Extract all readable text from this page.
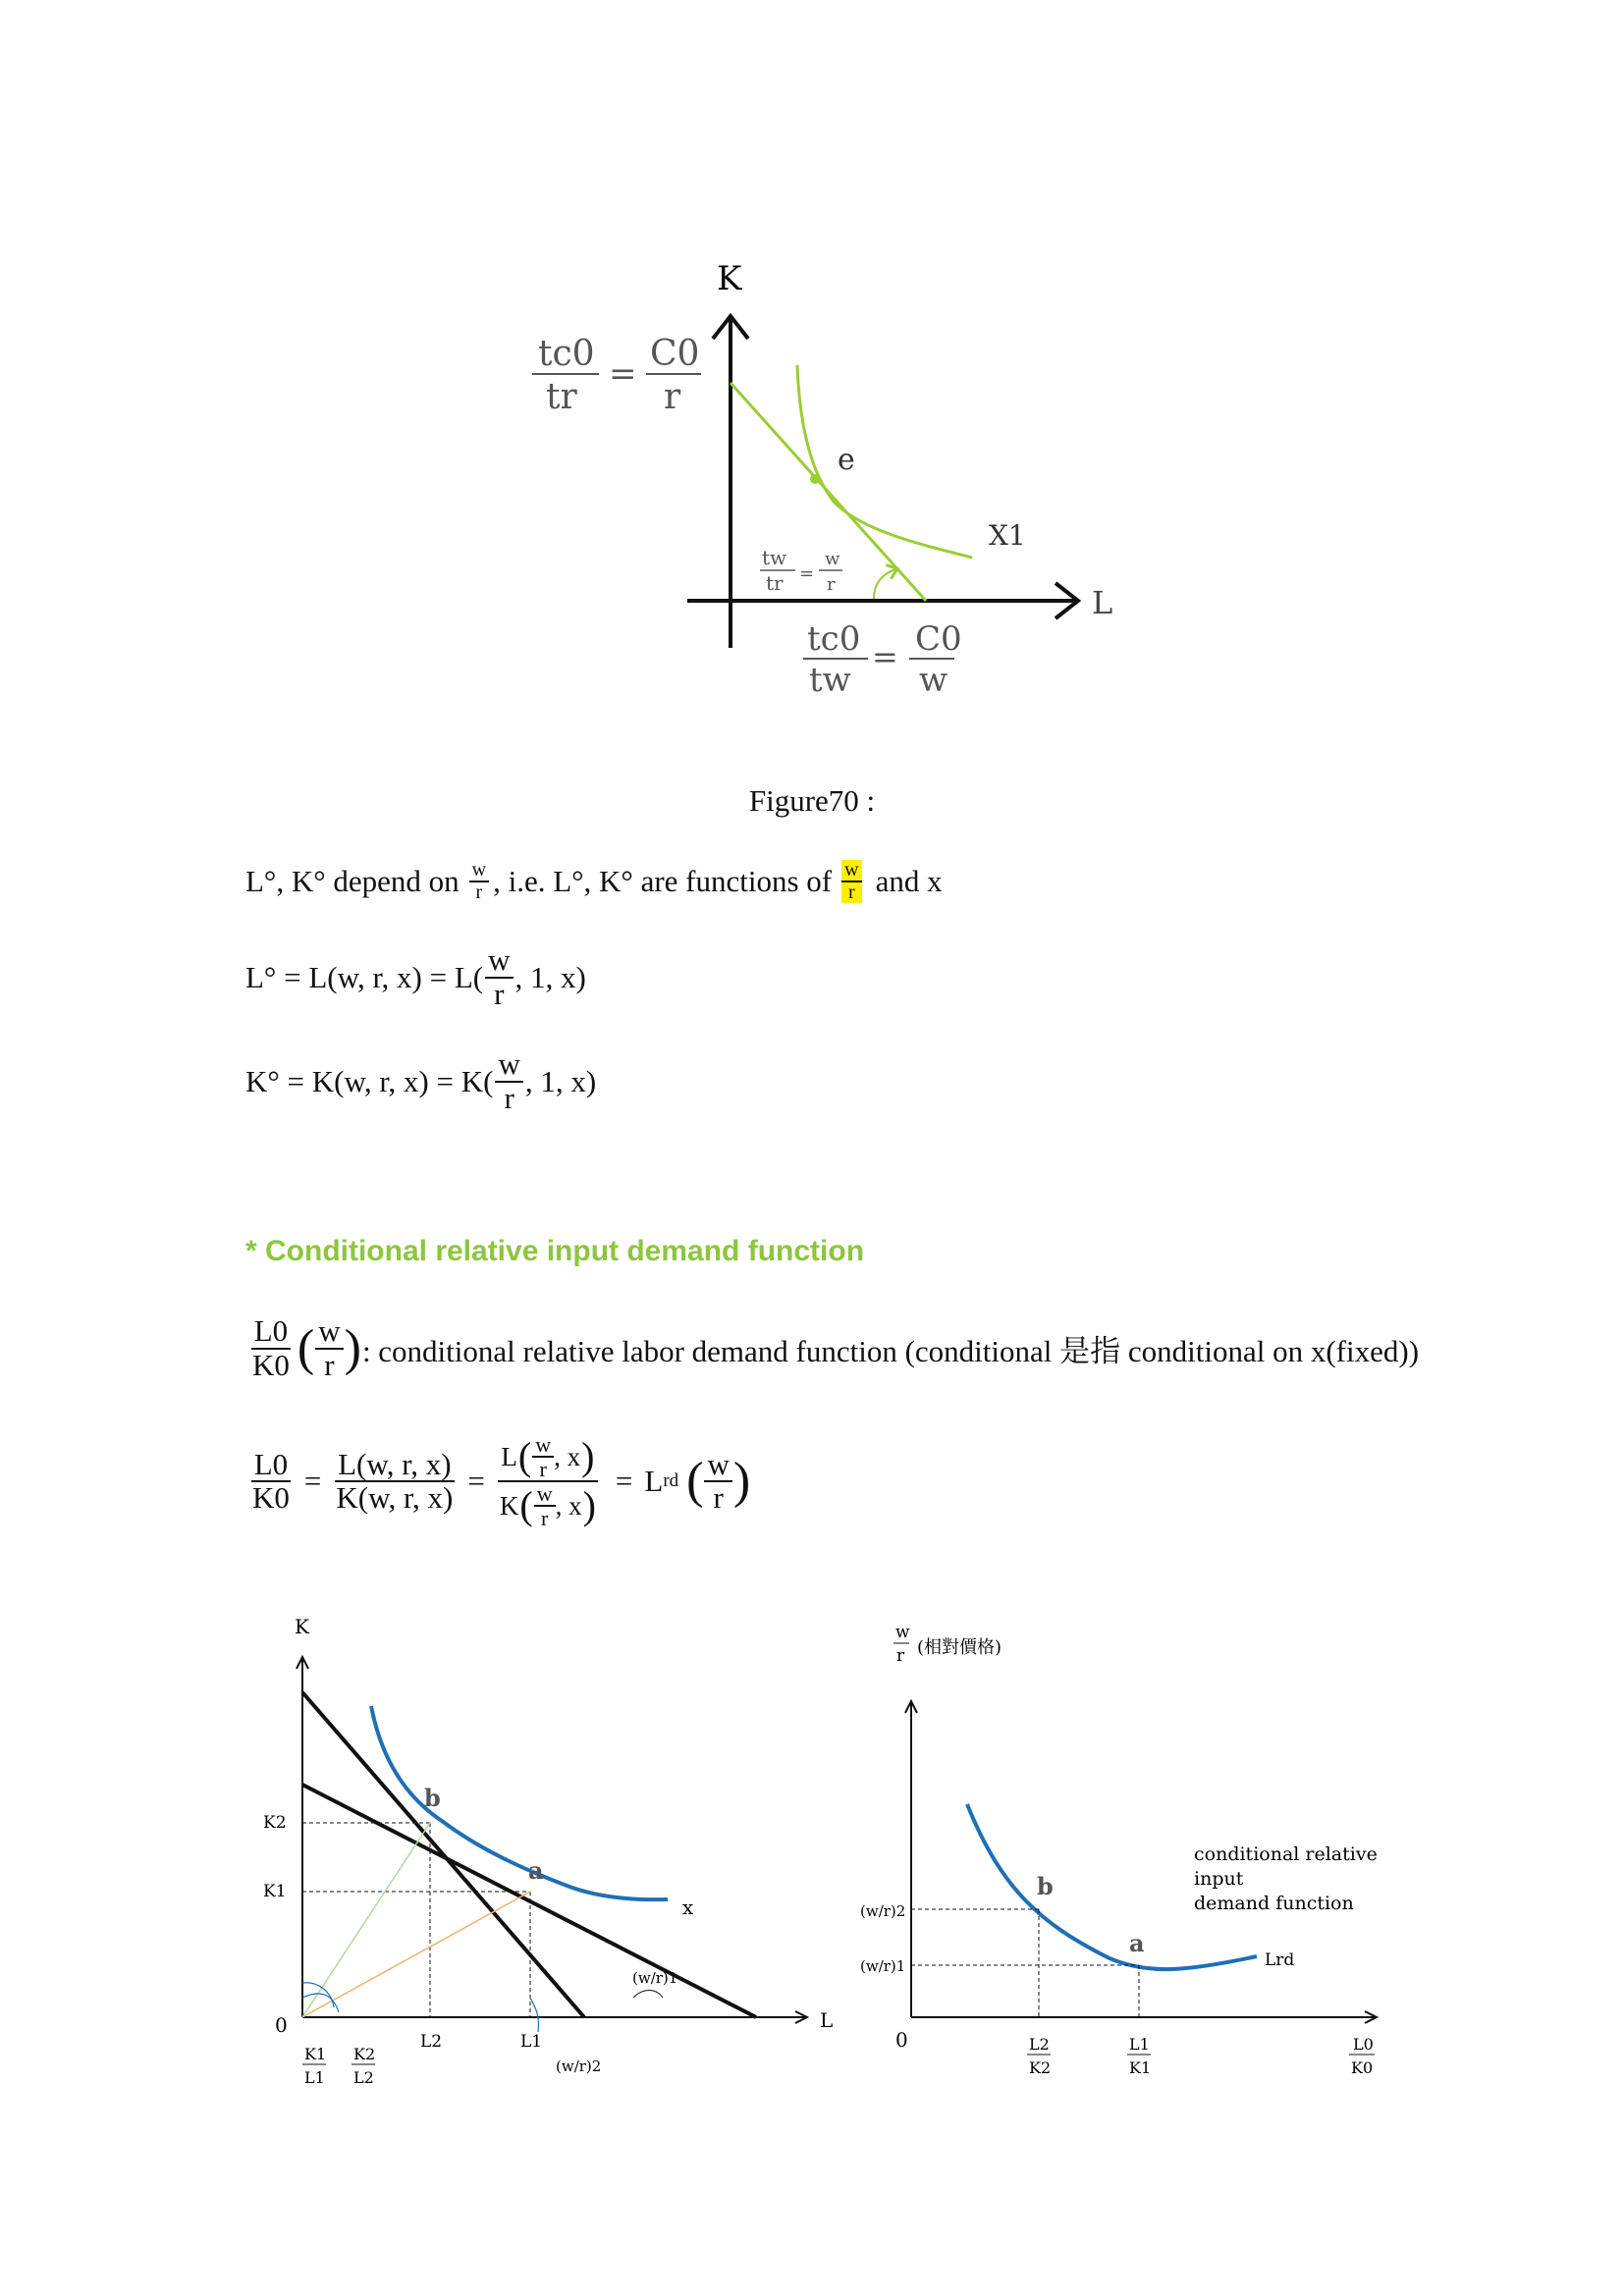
K
L
e
X1
tc0
tr
= C0
r
tc0
tw
= C0
w
tw
tr =
w
r
Figure70 :
L°, K° depend on $\frac{w}{r}$ , i.e. L°, K° are functions of $\frac{w}{r}$ and x
L° = L(w, r, $x) = L( \frac{w}{r}$ , 1, x)
K° = K(w, r, $x) = K( \frac{w}{r}$ , 1, x)
* Conditional relative input demand function
$\frac{L0}{K0}$ ( $\frac{w}{r}$ ) : conditional relative labor demand function (conditional 是指 conditional on x(fixed))
$\frac{L0}{K0} = \frac{L(w, r, x)}{K(w, r, x)} = \frac{L ( \frac{w}{r} , x )}{K ( \frac{w}{r} , x )} = L$ rd ( $\frac{w}{r}$ )
K
L
0
x
b
a
K2
K1
L2	L1
K1
L1
K2
L2
(w/r)2
(w/r)1
w
r (相對價格)
0
b
a
(w/r)2
(w/r)1
L2
K2
L1
K1
L0
K0
conditional relative
input
demand function
Lrd
